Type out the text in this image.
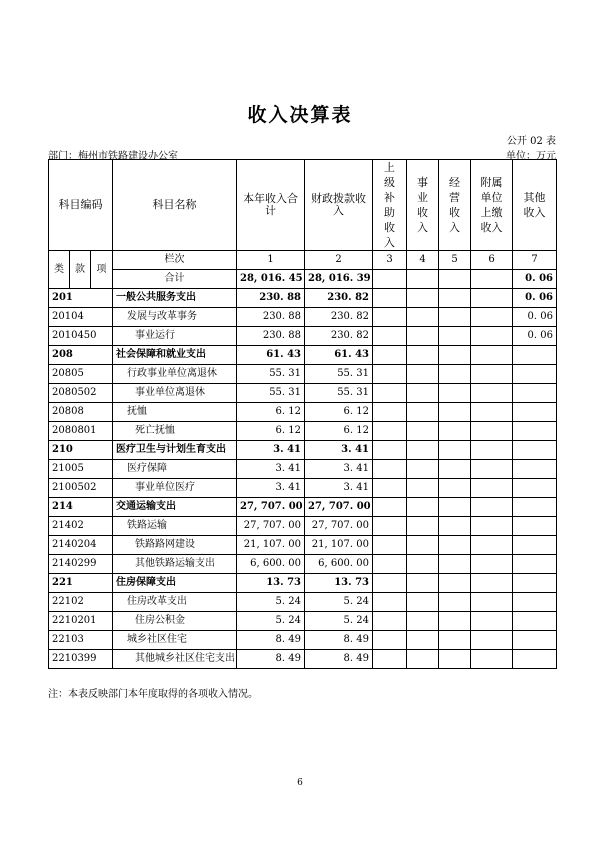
收入决算表
公开 02 表
部门：梅州市铁路建设办公室	单位：万元
科目编码			科目名称	本年收入合计	财政拨款收入	上级补助收入	事业收入	经营收入	附属单位上缴收入	其他收入
类	款	项	栏次	1	2	3	4	5	6	7
			合计	28, 016. 45	28, 016. 39					0. 06
201			一般公共服务支出	230. 88	230. 82					0. 06
20104			发展与改革事务	230. 88	230. 82					0. 06
2010450			事业运行	230. 88	230. 82					0. 06
208			社会保障和就业支出	61. 43	61. 43					
20805			行政事业单位离退休	55. 31	55. 31					
2080502			事业单位离退休	55. 31	55. 31					
20808			抚恤	6. 12	6. 12					
2080801			死亡抚恤	6. 12	6. 12					
210			医疗卫生与计划生育支出	3. 41	3. 41					
21005			医疗保障	3. 41	3. 41					
2100502			事业单位医疗	3. 41	3. 41					
214			交通运输支出	27, 707. 00	27, 707. 00					
21402			铁路运输	27, 707. 00	27, 707. 00					
2140204			铁路路网建设	21, 107. 00	21, 107. 00					
2140299			其他铁路运输支出	6, 600. 00	6, 600. 00					
221			住房保障支出	13. 73	13. 73					
22102			住房改革支出	5. 24	5. 24					
2210201			住房公积金	5. 24	5. 24					
22103			城乡社区住宅	8. 49	8. 49					
2210399			其他城乡社区住宅支出	8. 49	8. 49					
注：本表反映部门本年度取得的各项收入情况。
6
